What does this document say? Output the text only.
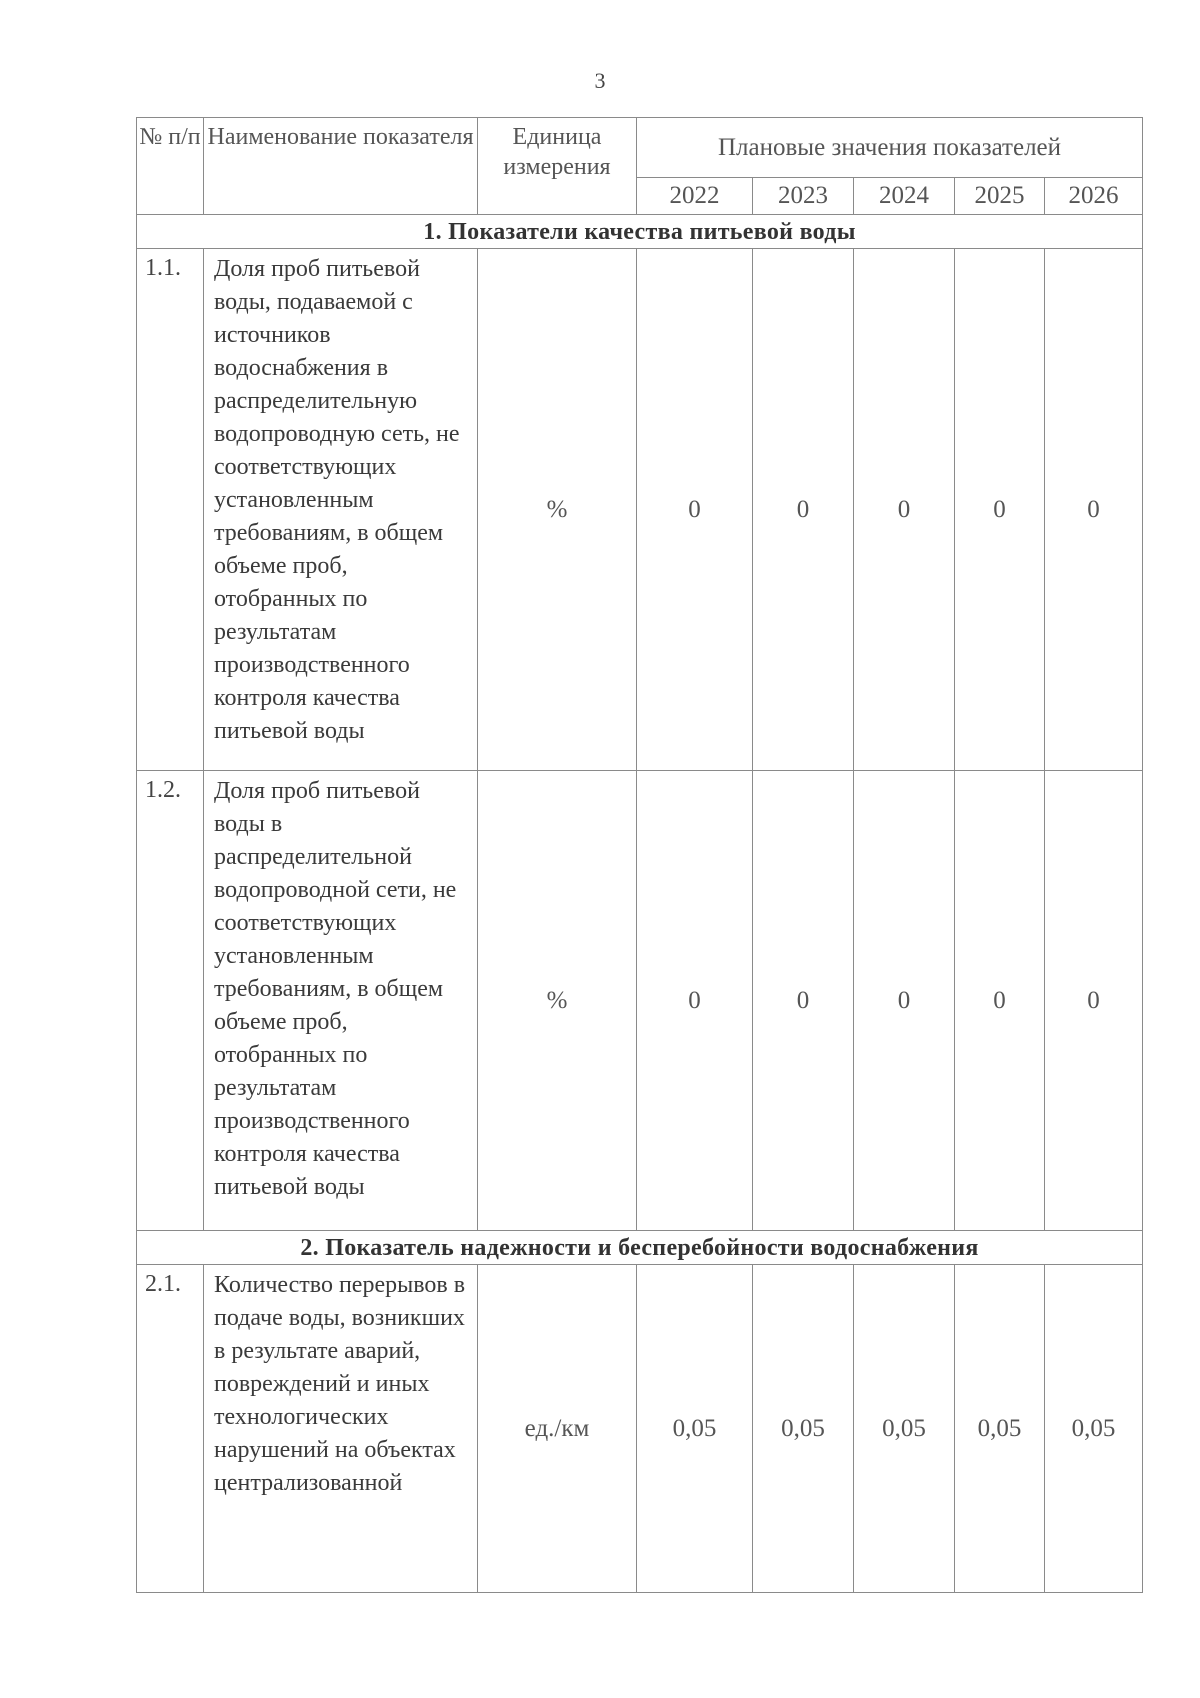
3
№ п/п	Наименование показателя	Единица измерения	Плановые значения показателей				
			2022	2023	2024	2025	2026
1. Показатели качества питьевой воды							
1.1.	Доля проб питьевой воды, подаваемой с источников водоснабжения в распределительную водопроводную сеть, не соответствующих установленным требованиям, в общем объеме проб, отобранных по результатам производственного контроля качества питьевой воды	%	0	0	0	0	0
1.2.	Доля проб питьевой воды в распределительной водопроводной сети, не соответствующих установленным требованиям, в общем объеме проб, отобранных по результатам производственного контроля качества питьевой воды	%	0	0	0	0	0
2. Показатель надежности и бесперебойности водоснабжения							
2.1.	Количество перерывов в подаче воды, возникших в результате аварий, повреждений и иных технологических нарушений на объектах централизованной	ед./км	0,05	0,05	0,05	0,05	0,05
